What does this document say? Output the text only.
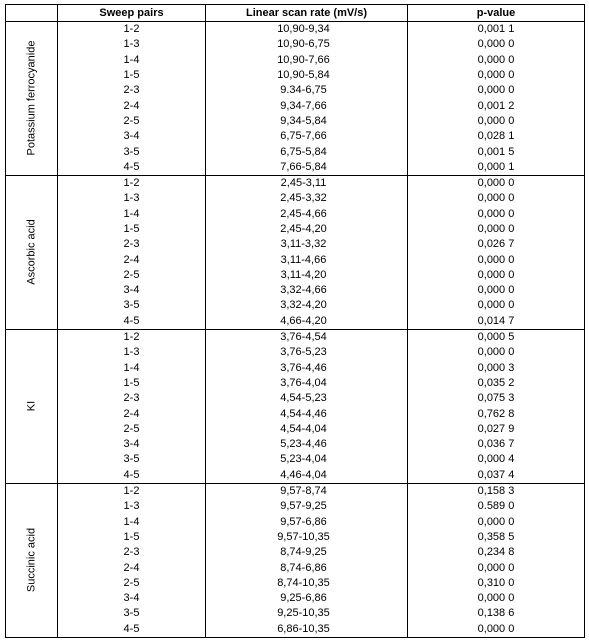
	Sweep pairs	Linear scan rate (mV/s)	p-value

Potassium ferrocyanide	1-2	10,90-9,34	0,001 1
	1-3	10,90-6,75	0,000 0
	1-4	10,90-7,66	0,000 0
	1-5	10,90-5,84	0,000 0
	2-3	9.34-6,75	0,000 0
	2-4	9,34-7,66	0,001 2
	2-5	9,34-5,84	0,000 0
	3-4	6,75-7,66	0,028 1
	3-5	6,75-5,84	0,001 5
	4-5	7,66-5,84	0,000 1

Ascorbic acid	1-2	2,45-3,11	0,000 0
	1-3	2,45-3,32	0,000 0
	1-4	2,45-4,66	0,000 0
	1-5	2,45-4,20	0,000 0
	2-3	3,11-3,32	0,026 7
	2-4	3,11-4,66	0,000 0
	2-5	3,11-4,20	0,000 0
	3-4	3,32-4,66	0,000 0
	3-5	3,32-4,20	0,000 0
	4-5	4,66-4,20	0,014 7

KI	1-2	3,76-4,54	0,000 5
	1-3	3,76-5,23	0,000 0
	1-4	3,76-4,46	0,000 3
	1-5	3,76-4,04	0,035 2
	2-3	4,54-5,23	0,075 3
	2-4	4,54-4,46	0,762 8
	2-5	4,54-4,04	0,027 9
	3-4	5,23-4,46	0,036 7
	3-5	5,23-4,04	0,000 4
	4-5	4,46-4,04	0,037 4

Succinic acid	1-2	9,57-8,74	0,158 3
	1-3	9,57-9,25	0.589 0
	1-4	9,57-6,86	0,000 0
	1-5	9,57-10,35	0,358 5
	2-3	8,74-9,25	0,234 8
	2-4	8,74-6,86	0,000 0
	2-5	8,74-10,35	0,310 0
	3-4	9,25-6,86	0,000 0
	3-5	9,25-10,35	0,138 6
	4-5	6,86-10,35	0,000 0
